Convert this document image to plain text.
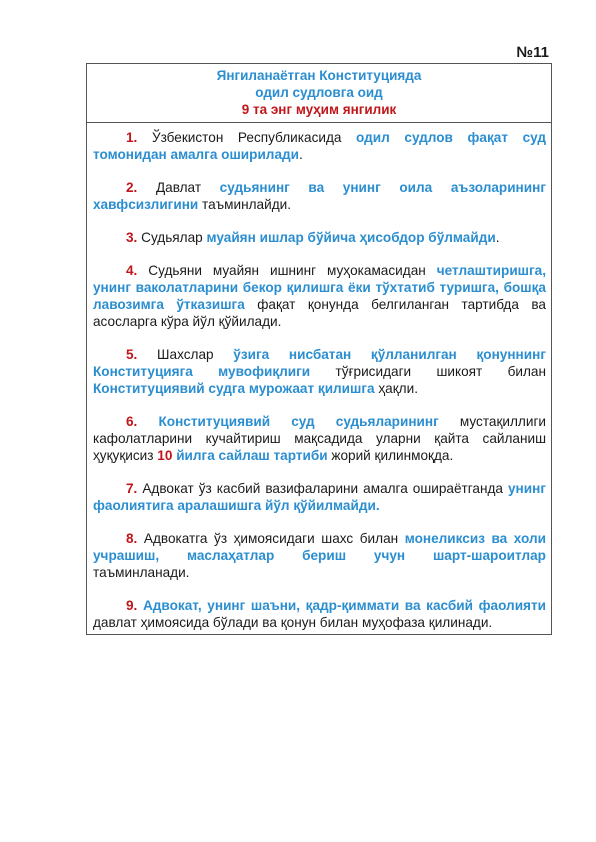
№11
Янгиланаётган Конституцияда
одил судловга оид
9 та энг муҳим янгилик

1. Ўзбекистон Республикасида одил судлов фақат суд томонидан амалга оширилади.

2. Давлат судьянинг ва унинг оила аъзоларининг хавфсизлигини таъминлайди.

3. Судьялар муайян ишлар бўйича ҳисобдор бўлмайди.

4. Судьяни муайян ишнинг муҳокамасидан четлаштиришга, унинг ваколатларини бекор қилишга ёки тўхтатиб туришга, бошқа лавозимга ўтказишга фақат қонунда белгиланган тартибда ва асосларга кўра йўл қўйилади.

5. Шахслар ўзига нисбатан қўлланилган қонуннинг Конституцияга мувофиқлиги тўғрисидаги шикоят билан Конституциявий судга мурожаат қилишга ҳақли.

6. Конституциявий суд судьяларининг мустақиллиги кафолатларини кучайтириш мақсадида уларни қайта сайланиш ҳуқуқисиз 10 йилга сайлаш тартиби жорий қилинмоқда.

7. Адвокат ўз касбий вазифаларини амалга ошираётганда унинг фаолиятига аралашишга йўл қўйилмайди.

8. Адвокатга ўз ҳимоясидаги шахс билан монеликсиз ва холи учрашиш, маслаҳатлар бериш учун шарт-шароитлар таъминланади.

9. Адвокат, унинг шаъни, қадр-қиммати ва касбий фаолияти давлат ҳимоясида бўлади ва қонун билан муҳофаза қилинади.
